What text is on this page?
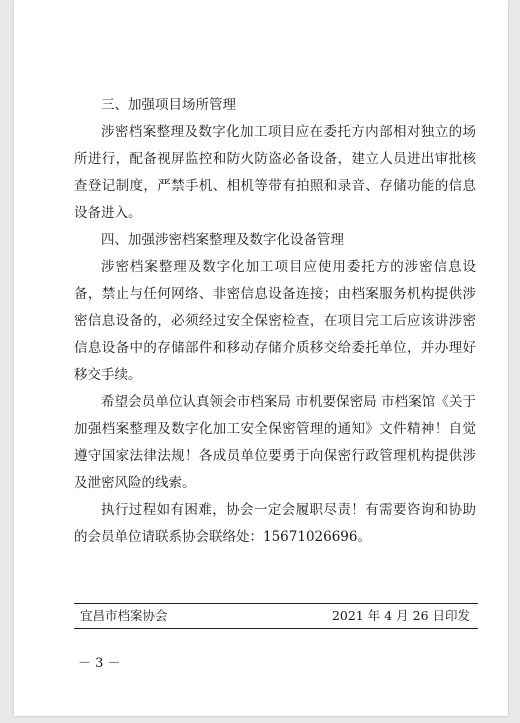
三、加强项目场所管理

涉密档案整理及数字化加工项目应在委托方内部相对独立的场所进行，配备视屏监控和防火防盗必备设备，建立人员进出审批核查登记制度，严禁手机、相机等带有拍照和录音、存储功能的信息设备进入。

四、加强涉密档案整理及数字化设备管理

涉密档案整理及数字化加工项目应使用委托方的涉密信息设备，禁止与任何网络、非密信息设备连接；由档案服务机构提供涉密信息设备的，必须经过安全保密检查，在项目完工后应该讲涉密信息设备中的存储部件和移动存储介质移交给委托单位，并办理好移交手续。

希望会员单位认真领会市档案局 市机要保密局 市档案馆《关于加强档案整理及数字化加工安全保密管理的通知》文件精神！自觉遵守国家法律法规！各成员单位要勇于向保密行政管理机构提供涉及泄密风险的线索。

执行过程如有困难，协会一定会履职尽责！有需要咨询和协助的会员单位请联系协会联络处：15671026696。

宜昌市档案协会	2021 年 4 月 26 日印发
－ 3 －
